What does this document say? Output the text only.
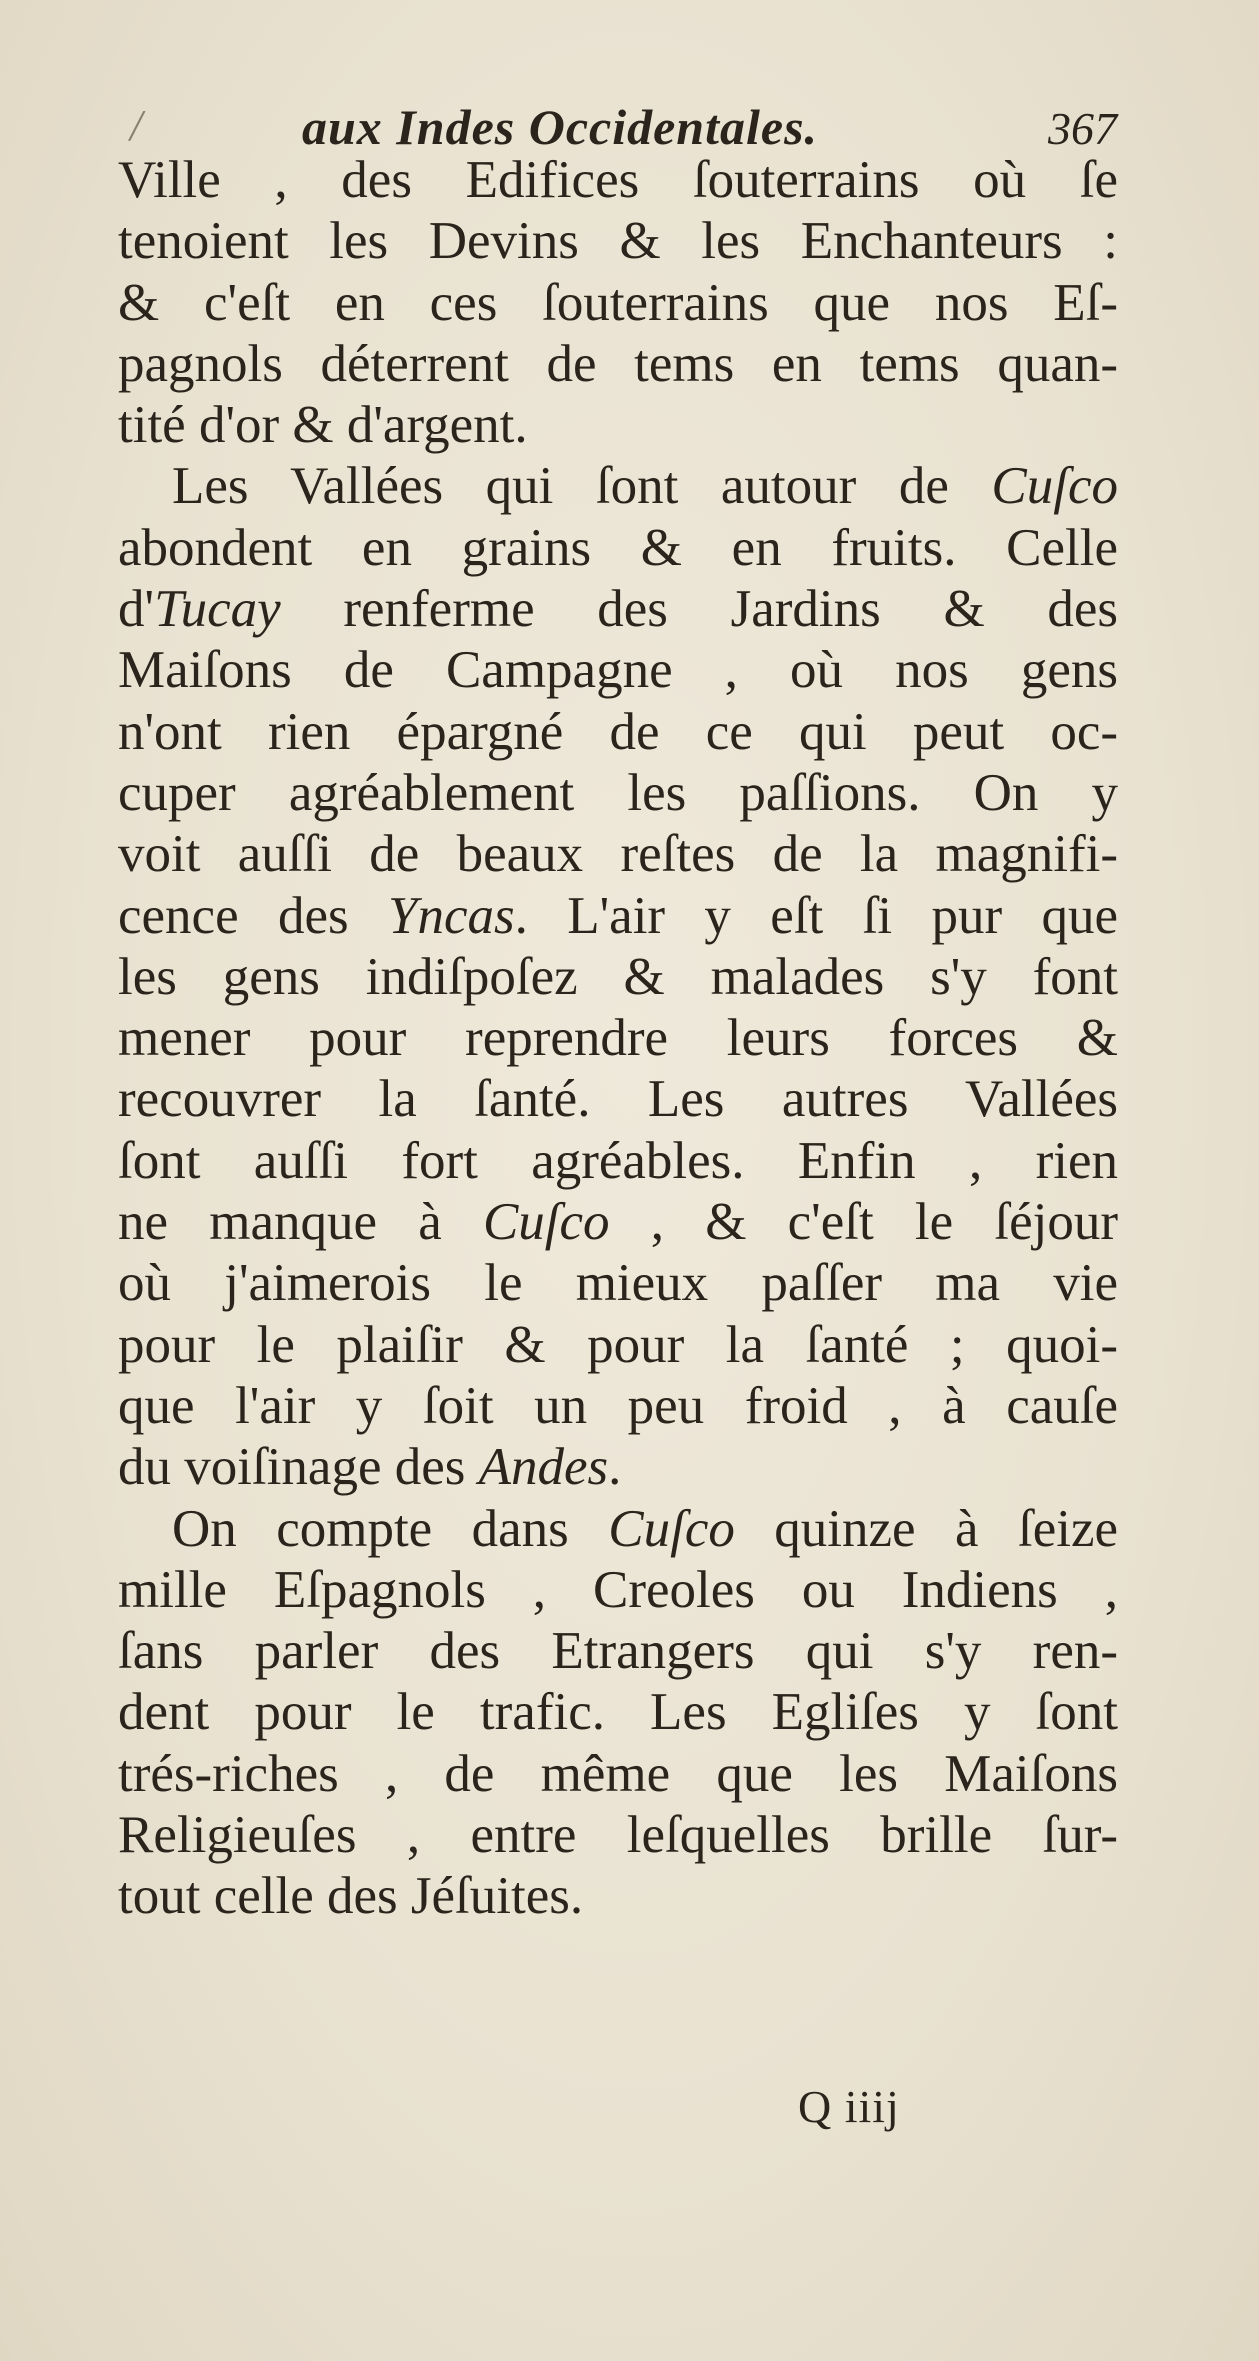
/	aux Indes Occidentales.	367
Ville , des Edifices ſouterrains où ſe
tenoient les Devins & les Enchanteurs :
& c'eſt en ces ſouterrains que nos Eſ-
pagnols déterrent de tems en tems quan-
tité d'or & d'argent.
Les Vallées qui ſont autour de Cuſco
abondent en grains & en fruits. Celle
d'Tucay renferme des Jardins & des
Maiſons de Campagne , où nos gens
n'ont rien épargné de ce qui peut oc-
cuper agréablement les paſſions. On y
voit auſſi de beaux reſtes de la magnifi-
cence des Yncas. L'air y eſt ſi pur que
les gens indiſpoſez & malades s'y font
mener pour reprendre leurs forces &
recouvrer la ſanté. Les autres Vallées
ſont auſſi fort agréables. Enfin , rien
ne manque à Cuſco , & c'eſt le ſéjour
où j'aimerois le mieux paſſer ma vie
pour le plaiſir & pour la ſanté ; quoi-
que l'air y ſoit un peu froid , à cauſe
du voiſinage des Andes.
On compte dans Cuſco quinze à ſeize
mille Eſpagnols , Creoles ou Indiens ,
ſans parler des Etrangers qui s'y ren-
dent pour le trafic. Les Egliſes y ſont
trés-riches , de même que les Maiſons
Religieuſes , entre leſquelles brille ſur-
tout celle des Jéſuites.
Q iiij
